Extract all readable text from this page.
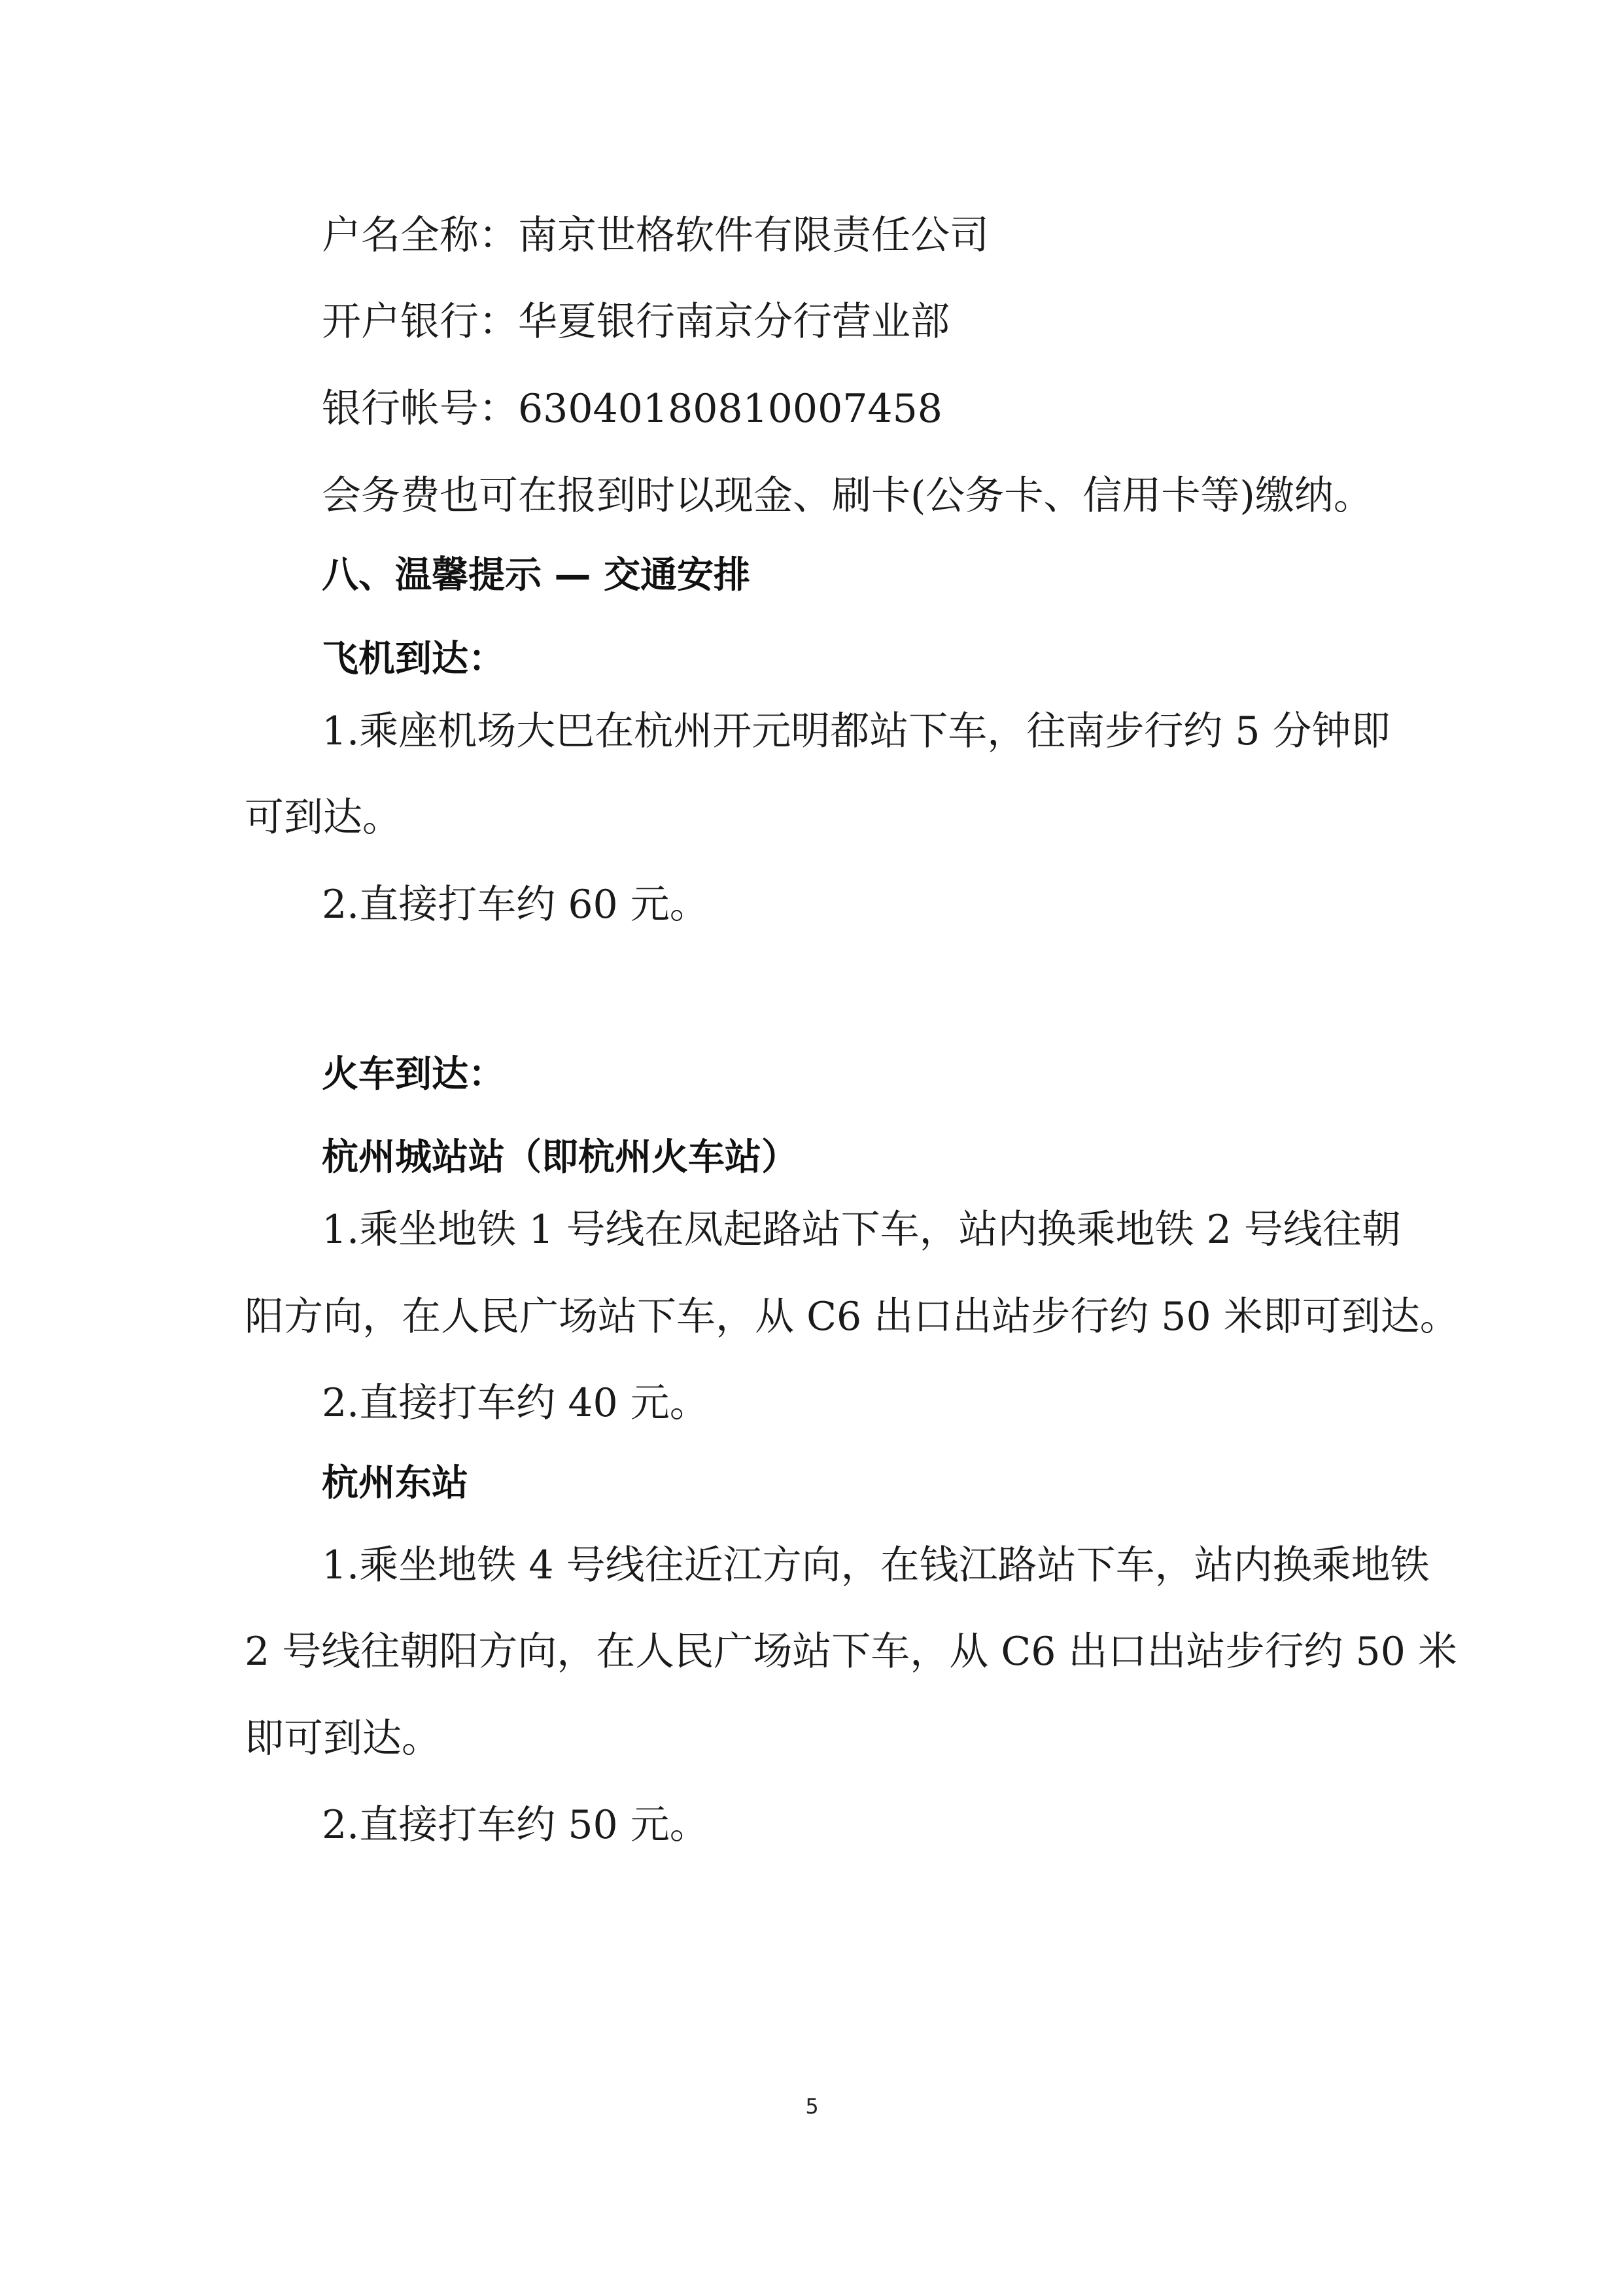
户名全称：南京世格软件有限责任公司

开户银行：华夏银行南京分行营业部

银行帐号：63040180810007458

会务费也可在报到时以现金、刷卡(公务卡、信用卡等)缴纳。

八、温馨提示 — 交通安排
飞机到达：

1.乘座机场大巴在杭州开元明都站下车，往南步行约 5 分钟即

可到达。

2.直接打车约 60 元。

火车到达：
杭州城站站（即杭州火车站）

1.乘坐地铁 1 号线在凤起路站下车，站内换乘地铁 2 号线往朝

阳方向，在人民广场站下车，从 C6 出口出站步行约 50 米即可到达。

2.直接打车约 40 元。

杭州东站

1.乘坐地铁 4 号线往近江方向，在钱江路站下车，站内换乘地铁

2 号线往朝阳方向，在人民广场站下车，从 C6 出口出站步行约 50 米

即可到达。

2.直接打车约 50 元。

5
